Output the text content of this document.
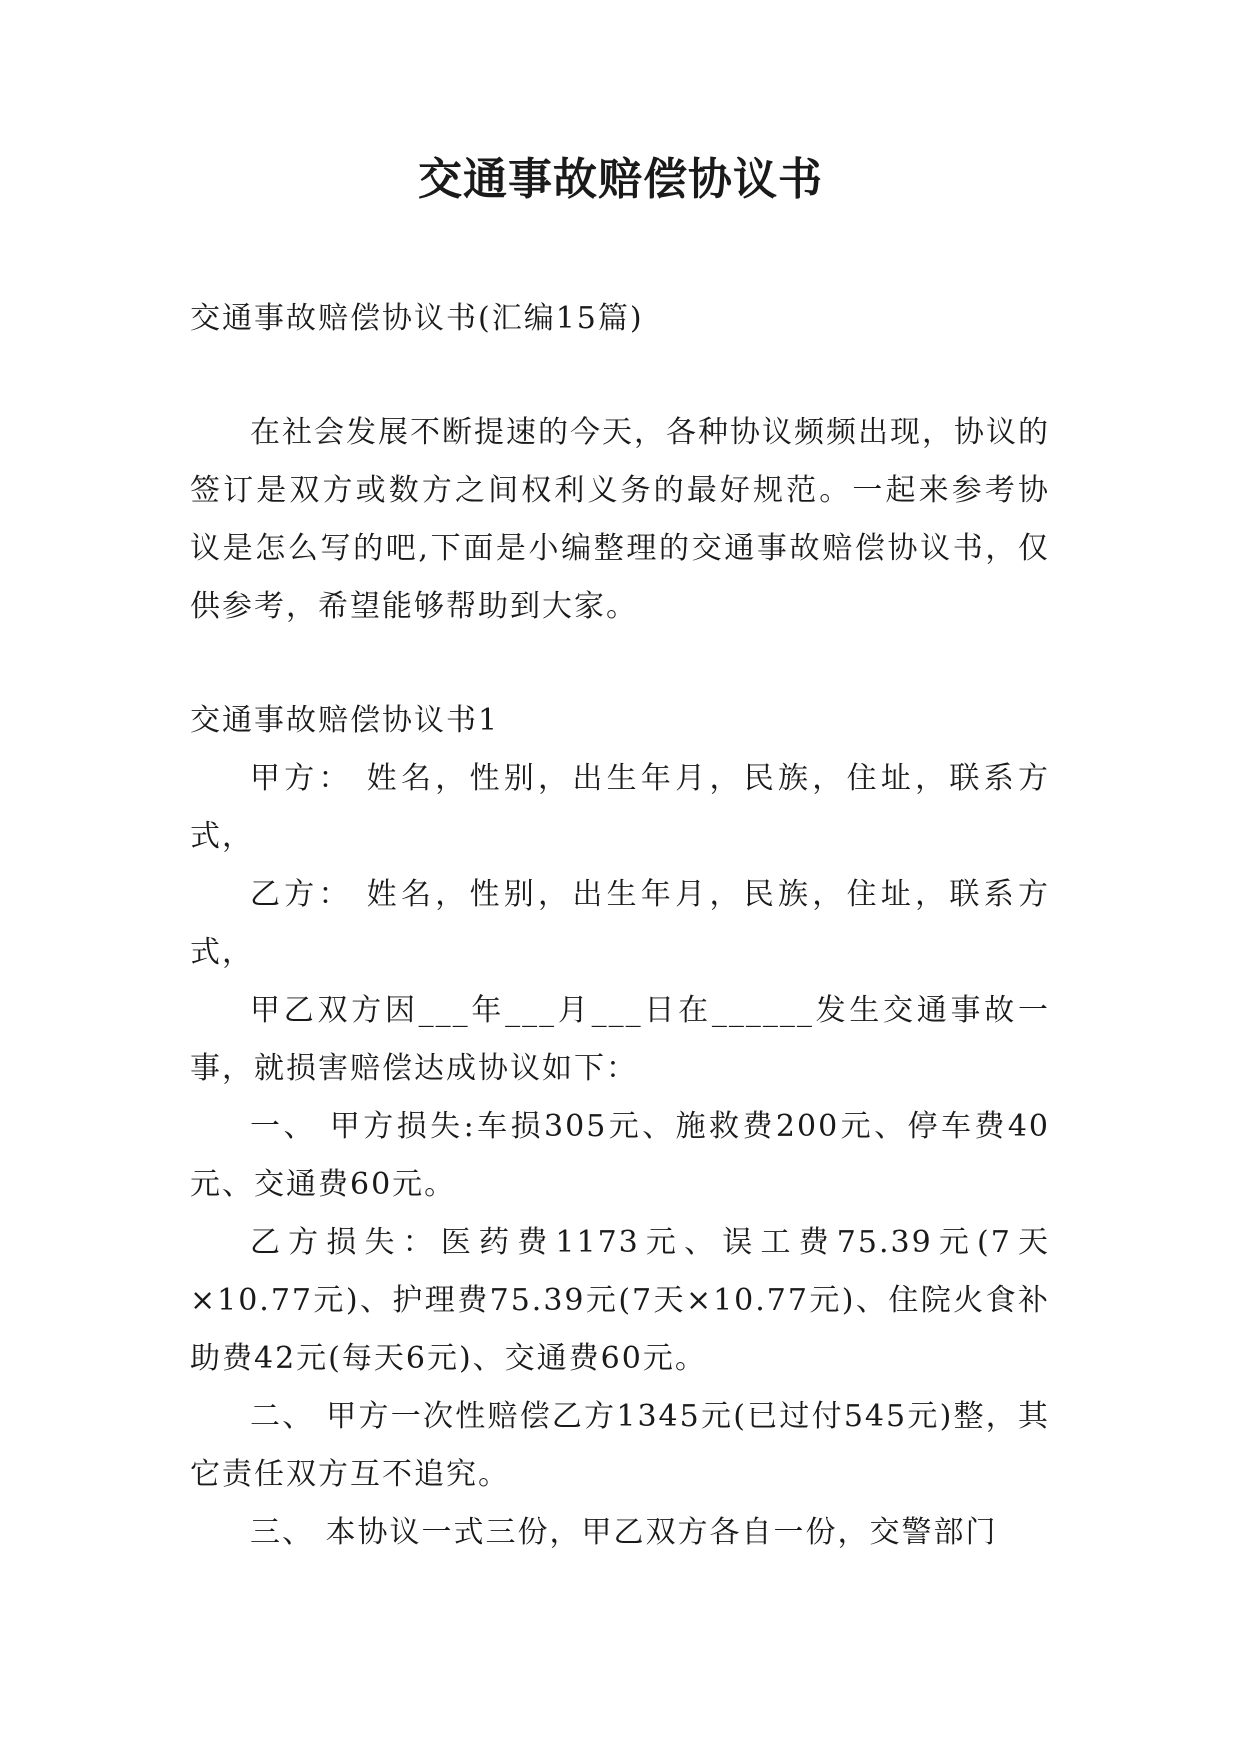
交通事故赔偿协议书

交通事故赔偿协议书(汇编15篇)

在社会发展不断提速的今天，各种协议频频出现，协议的签订是双方或数方之间权利义务的最好规范。一起来参考协议是怎么写的吧,下面是小编整理的交通事故赔偿协议书，仅供参考，希望能够帮助到大家。

交通事故赔偿协议书1

甲方： 姓名，性别，出生年月，民族，住址，联系方式，

乙方： 姓名，性别，出生年月，民族，住址，联系方式，

甲乙双方因___年___月___日在______发生交通事故一事，就损害赔偿达成协议如下：

一、 甲方损失:车损305元、施救费200元、停车费40元、交通费60元。

乙方损失：医药费1173元、误工费75.39元(7天×10.77元)、护理费75.39元(7天×10.77元)、住院火食补助费42元(每天6元)、交通费60元。

二、 甲方一次性赔偿乙方1345元(已过付545元)整，其它责任双方互不追究。

三、 本协议一式三份，甲乙双方各自一份，交警部门
